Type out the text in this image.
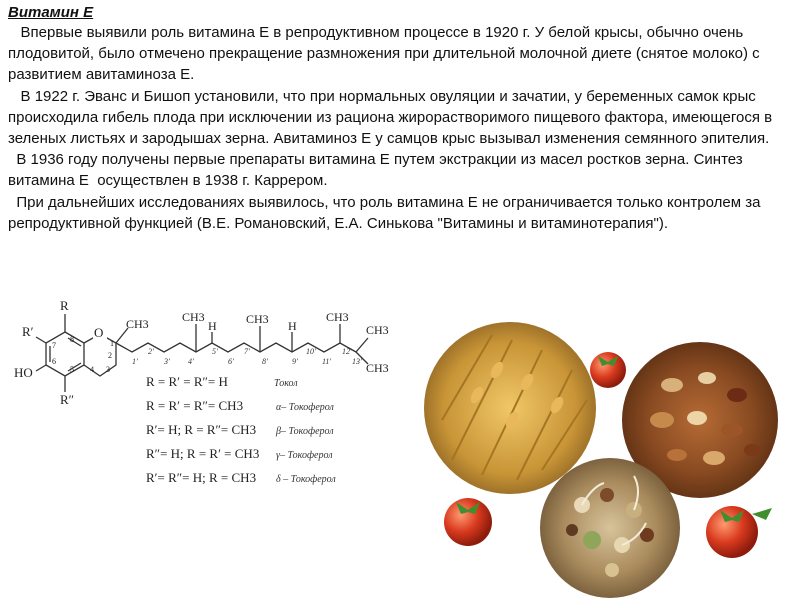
Витамин Е

Впервые выявили роль витамина Е в репродуктивном процессе в 1920 г. У белой крысы, обычно очень плодовитой, было отмечено прекращение размножения при длительной молочной диете (снятое молоко) с развитием авитаминоза Е.

В 1922 г. Эванс и Бишоп установили, что при нормальных овуляции и зачатии, у беременных самок крыс происходила гибель плода при исключении из рациона жирорастворимого пищевого фактора, имеющегося в зеленых листьях и зародышах зерна. Авитаминоз Е у самцов крыс вызывал изменения семянного эпителия.

В 1936 году получены первые препараты витамина Е путем экстракции из масел ростков зерна. Синтез витамина Е  осуществлен в 1938 г. Каррером.

При дальнейших исследованиях выявилось, что роль витамина Е не ограничивается только контролем за репродуктивной функцией (В.Е. Романовский, Е.А. Синькова "Витамины и витаминотерапия").

R
R′
HO
R″
O
CH3	CH3
H CH3 H
CH3
CH3
CH3
7
8	1
2
3
4
5
6	1′
2′
3′ 4′
5′
6′
7′
8′	9′
10′
11′
12′
13′
R = R′ = R″= H	Токол
R = R′ = R″= CH3	α– Токоферол
R′= H; R = R″= CH3 β– Токоферол
R″= H; R = R′ = CH3 γ– Токоферол
R′= R″= H; R = CH3 δ – Токоферол
